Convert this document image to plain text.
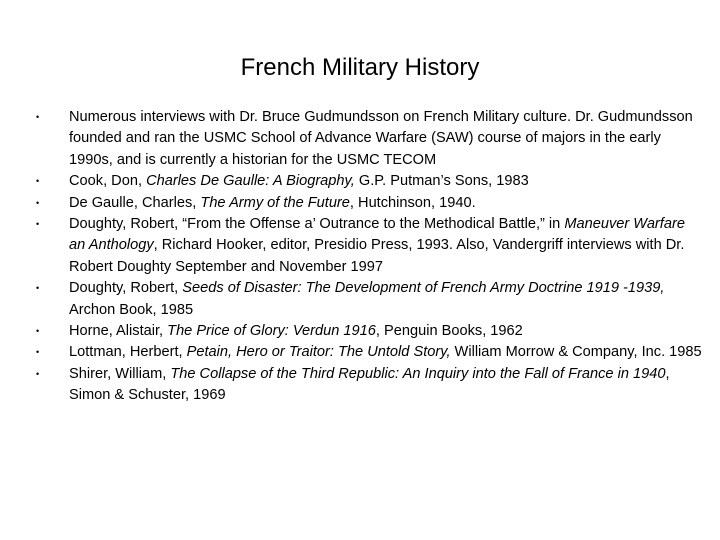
French Military History
• Numerous interviews with Dr. Bruce Gudmundsson on French Military culture. Dr. Gudmundsson founded and ran the USMC School of Advance Warfare (SAW) course of majors in the early 1990s, and is currently a historian for the USMC TECOM
• Cook, Don, Charles De Gaulle: A Biography, G.P. Putman’s Sons, 1983
• De Gaulle, Charles, The Army of the Future, Hutchinson, 1940.
• Doughty, Robert, “From the Offense a’ Outrance to the Methodical Battle,” in Maneuver Warfare an Anthology, Richard Hooker, editor, Presidio Press, 1993. Also, Vandergriff interviews with Dr. Robert Doughty September and November 1997
• Doughty, Robert, Seeds of Disaster: The Development of French Army Doctrine 1919 -1939, Archon Book, 1985
• Horne, Alistair, The Price of Glory: Verdun 1916, Penguin Books, 1962
• Lottman, Herbert, Petain, Hero or Traitor: The Untold Story, William Morrow & Company, Inc. 1985
• Shirer, William, The Collapse of the Third Republic: An Inquiry into the Fall of France in 1940, Simon & Schuster, 1969
